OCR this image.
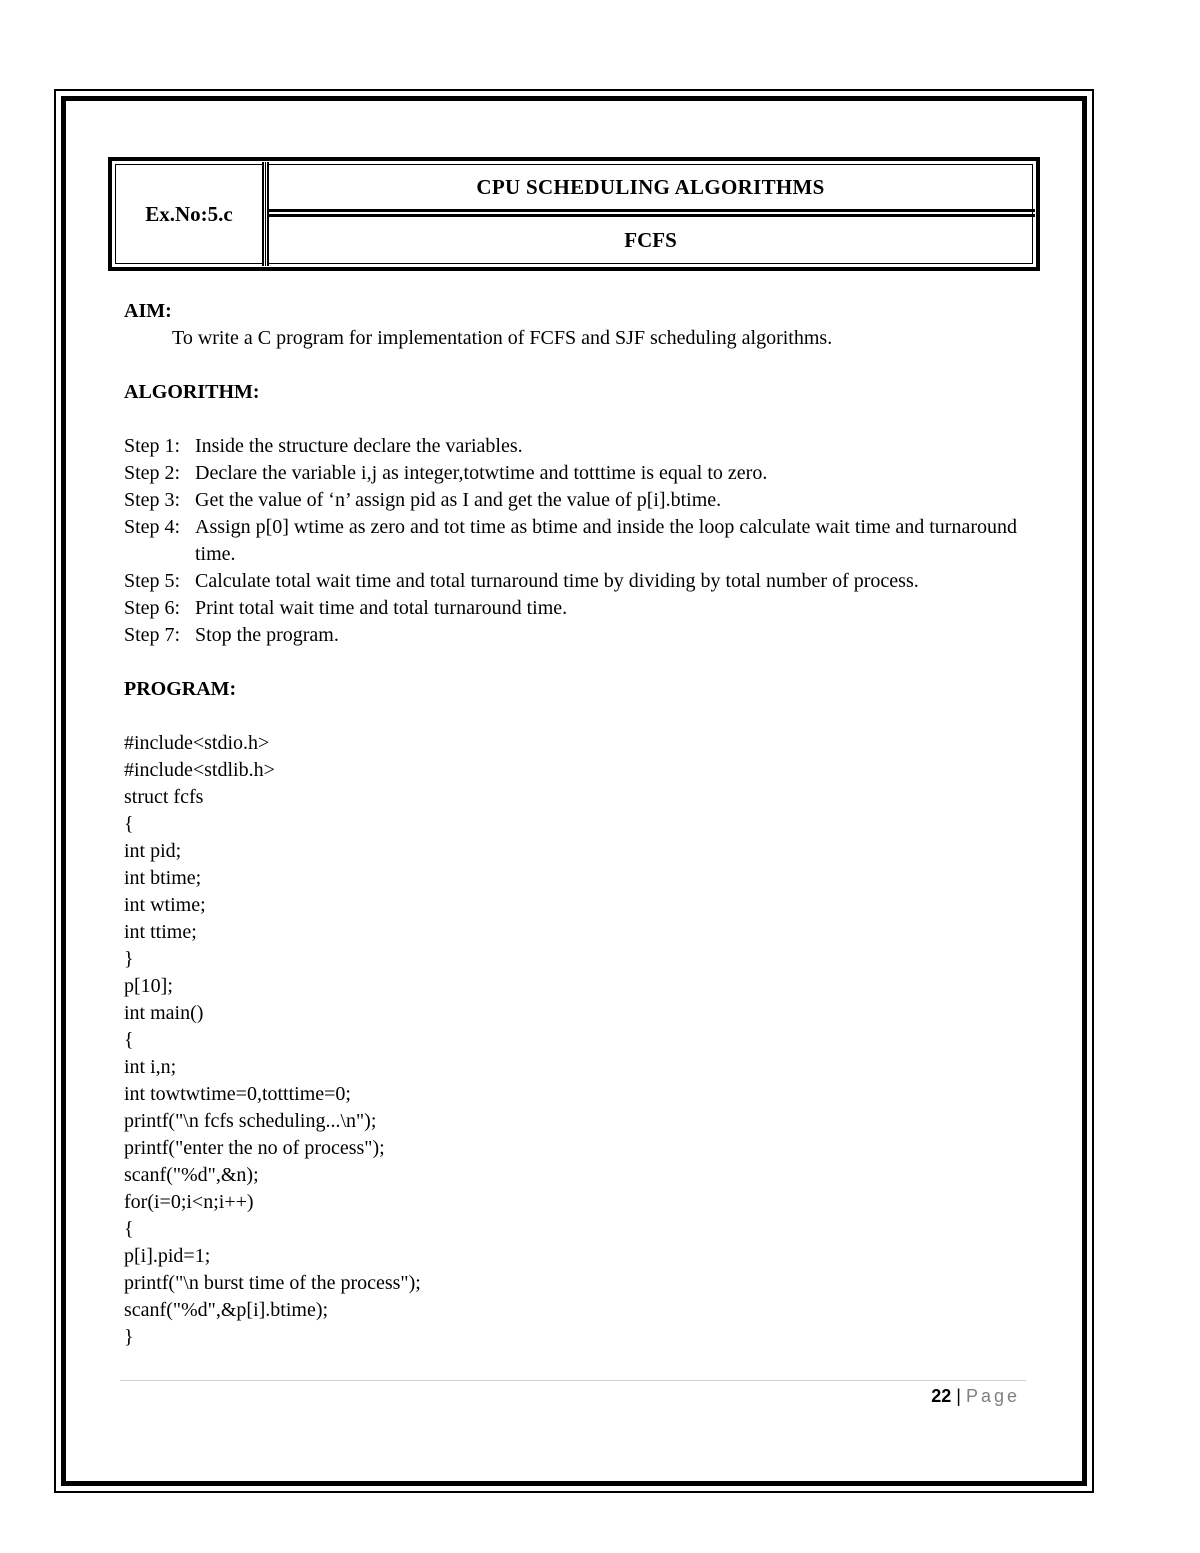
Ex.No:5.c
CPU SCHEDULING ALGORITHMS
FCFS
AIM:
To write a C program for implementation of FCFS and SJF scheduling algorithms.
ALGORITHM:
Step 1: Inside the structure declare the variables.
Step 2: Declare the variable i,j as integer,totwtime and totttime is equal to zero.
Step 3: Get the value of ‘n’ assign pid as I and get the value of p[i].btime.
Step 4: Assign p[0] wtime as zero and tot time as btime and inside the loop calculate wait time and turnaround time.
Step 5: Calculate total wait time and total turnaround time by dividing by total number of process.
Step 6: Print total wait time and total turnaround time.
Step 7: Stop the program.
PROGRAM:
#include<stdio.h>
#include<stdlib.h>
struct fcfs
{
int pid;
int btime;
int wtime;
int ttime;
}
p[10];
int main()
{
int i,n;
int towtwtime=0,totttime=0;
printf("\n fcfs scheduling...\n");
printf("enter the no of process");
scanf("%d",&n);
for(i=0;i<n;i++)
{
p[i].pid=1;
printf("\n burst time of the process");
scanf("%d",&p[i].btime);
}
22 | Page
